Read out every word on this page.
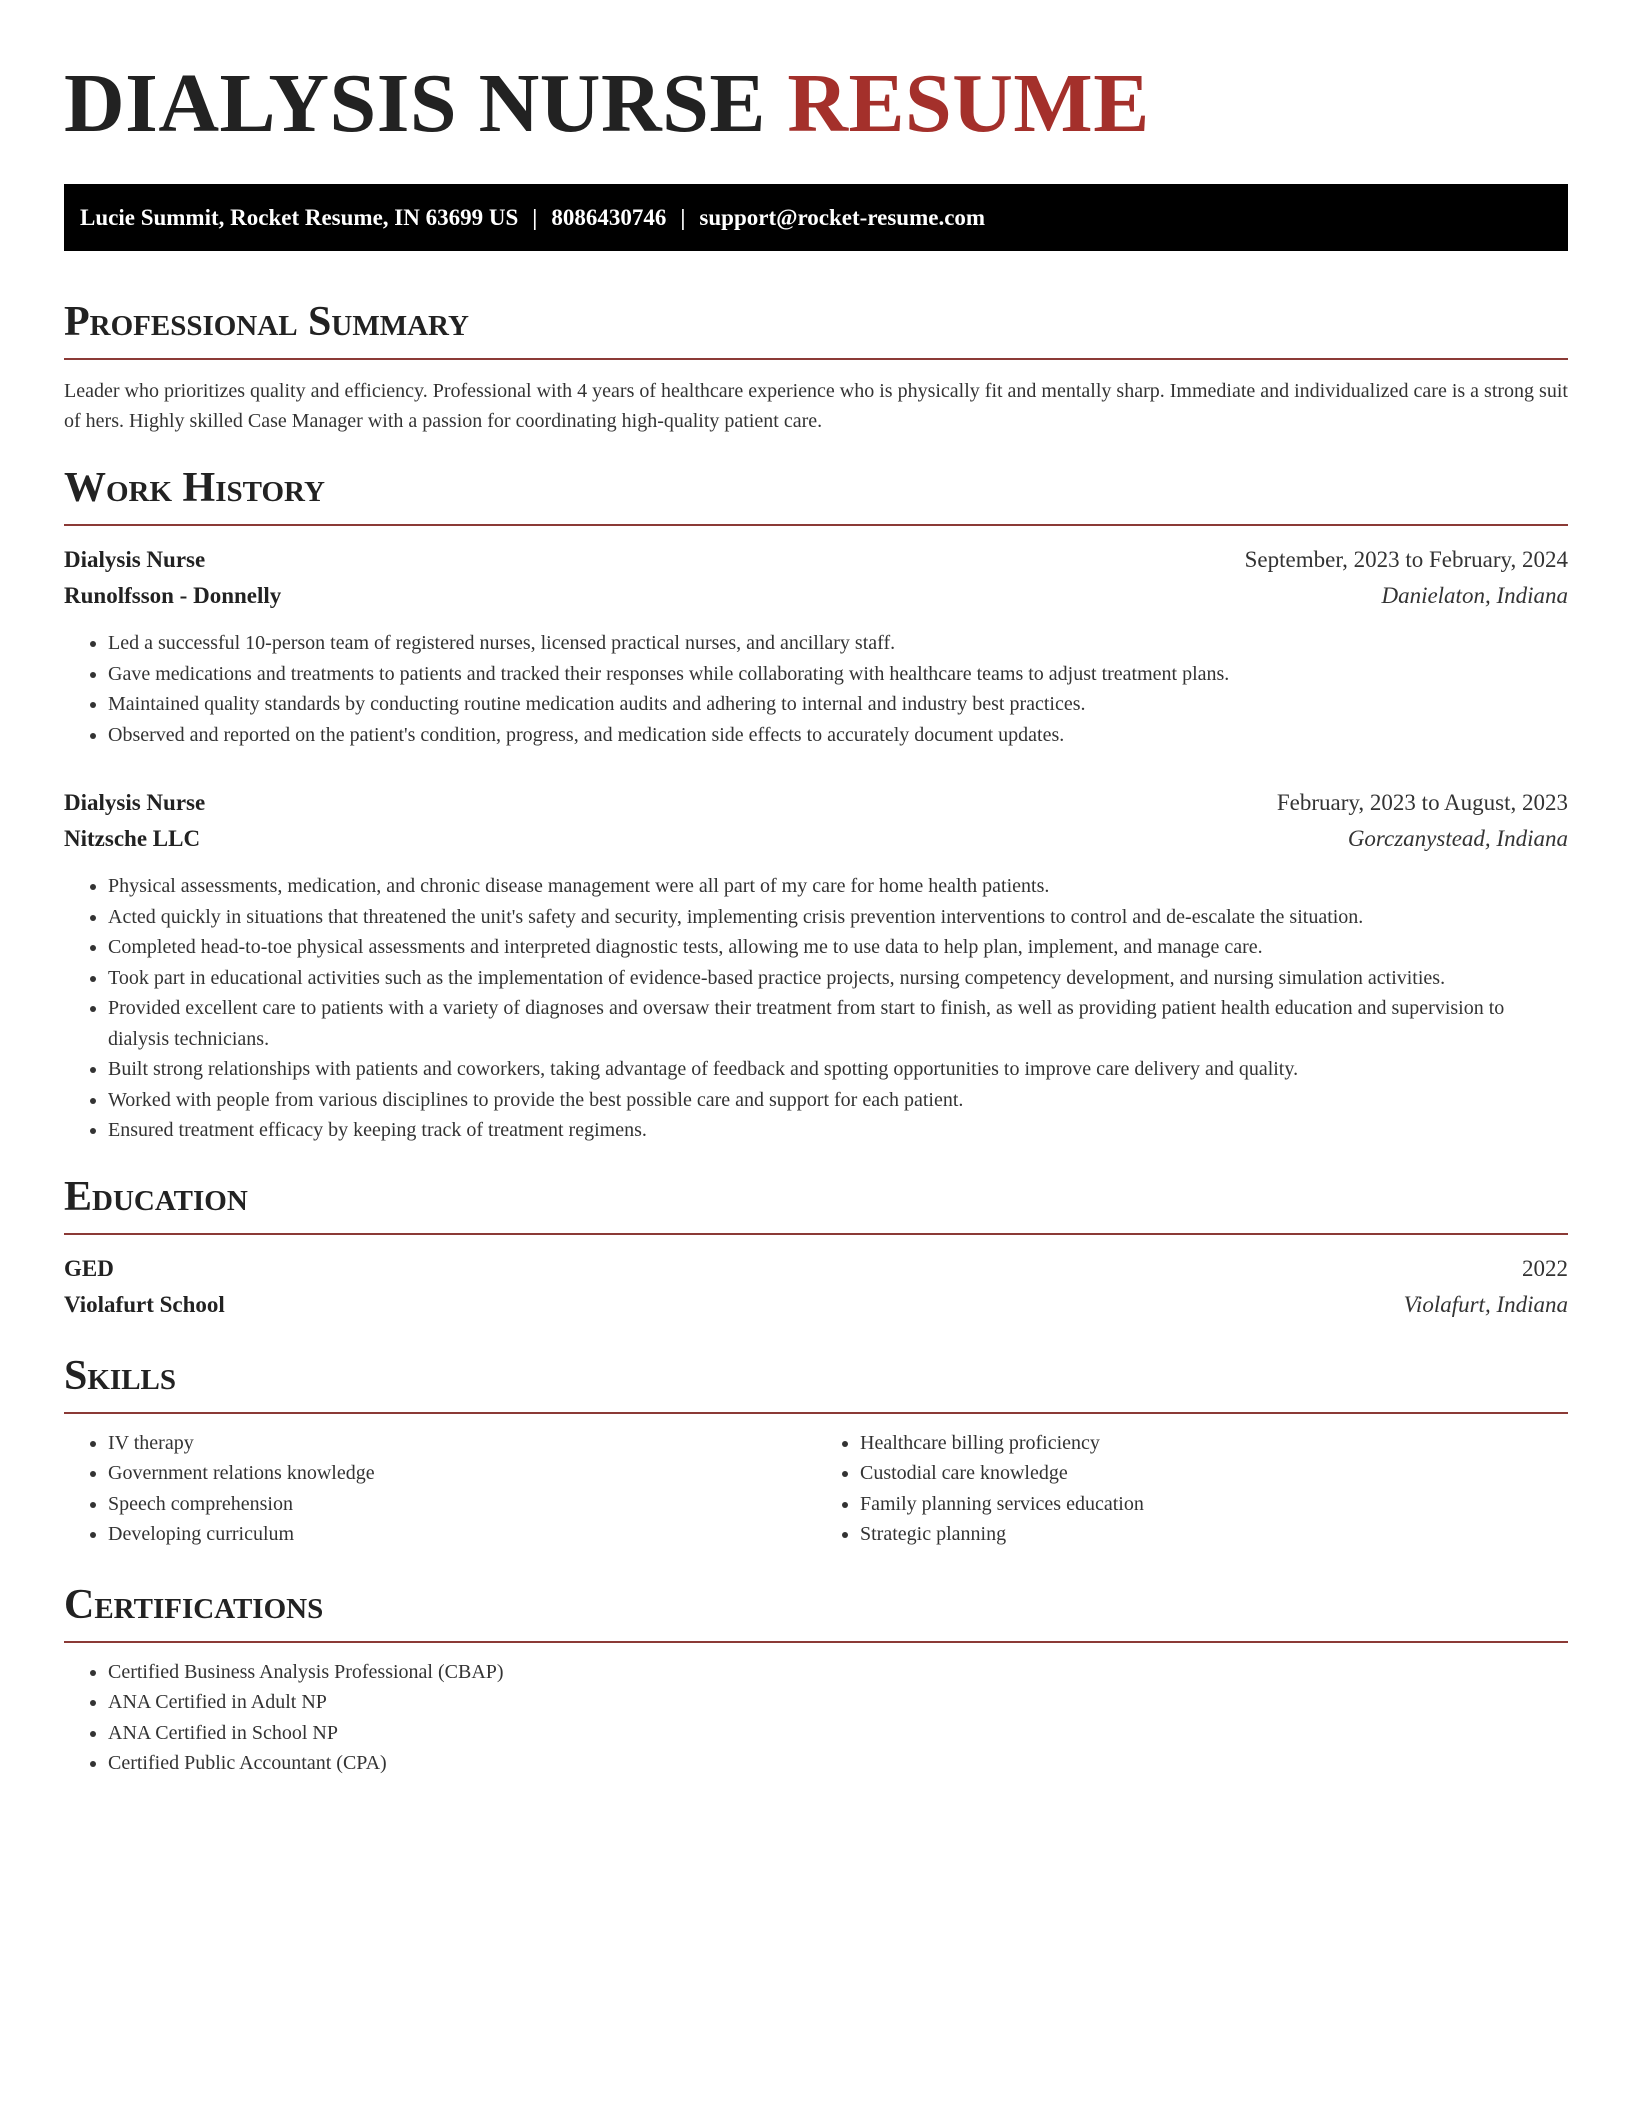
DIALYSIS NURSE RESUME
Lucie Summit, Rocket Resume, IN 63699 US | 8086430746 | support@rocket-resume.com
Professional Summary
Leader who prioritizes quality and efficiency. Professional with 4 years of healthcare experience who is physically fit and mentally sharp. Immediate and individualized care is a strong suit of hers. Highly skilled Case Manager with a passion for coordinating high-quality patient care.
Work History
Dialysis Nurse	September, 2023 to February, 2024
Runolfsson - Donnelly	Danielaton, Indiana
• Led a successful 10-person team of registered nurses, licensed practical nurses, and ancillary staff.
• Gave medications and treatments to patients and tracked their responses while collaborating with healthcare teams to adjust treatment plans.
• Maintained quality standards by conducting routine medication audits and adhering to internal and industry best practices.
• Observed and reported on the patient's condition, progress, and medication side effects to accurately document updates.
Dialysis Nurse	February, 2023 to August, 2023
Nitzsche LLC	Gorczanystead, Indiana
• Physical assessments, medication, and chronic disease management were all part of my care for home health patients.
• Acted quickly in situations that threatened the unit's safety and security, implementing crisis prevention interventions to control and de-escalate the situation.
• Completed head-to-toe physical assessments and interpreted diagnostic tests, allowing me to use data to help plan, implement, and manage care.
• Took part in educational activities such as the implementation of evidence-based practice projects, nursing competency development, and nursing simulation activities.
• Provided excellent care to patients with a variety of diagnoses and oversaw their treatment from start to finish, as well as providing patient health education and supervision to dialysis technicians.
• Built strong relationships with patients and coworkers, taking advantage of feedback and spotting opportunities to improve care delivery and quality.
• Worked with people from various disciplines to provide the best possible care and support for each patient.
• Ensured treatment efficacy by keeping track of treatment regimens.
Education
GED	2022
Violafurt School	Violafurt, Indiana
Skills
• IV therapy
• Government relations knowledge
• Speech comprehension
• Developing curriculum
• Healthcare billing proficiency
• Custodial care knowledge
• Family planning services education
• Strategic planning
Certifications
• Certified Business Analysis Professional (CBAP)
• ANA Certified in Adult NP
• ANA Certified in School NP
• Certified Public Accountant (CPA)
